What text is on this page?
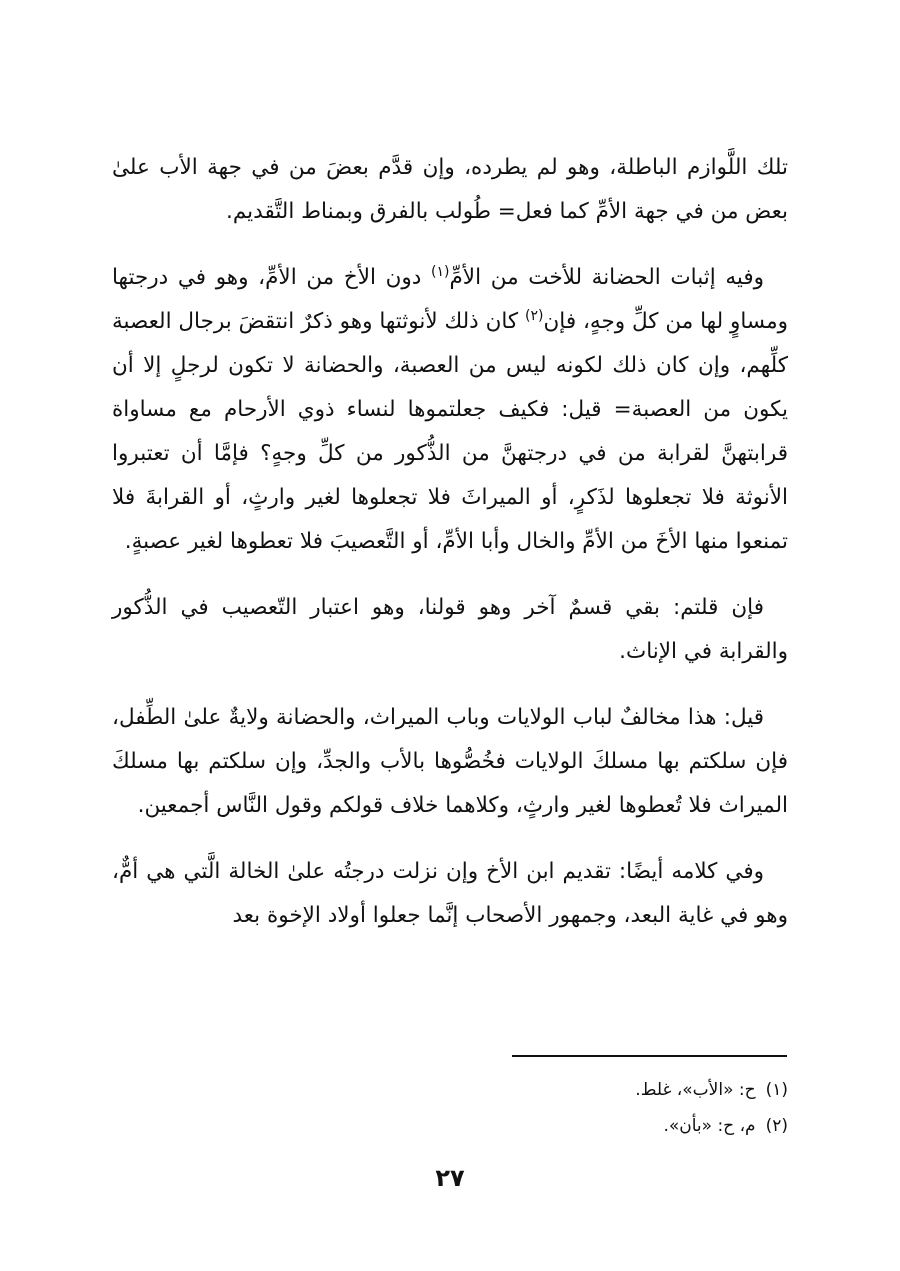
تلك اللَّوازم الباطلة، وهو لم يطرده، وإن قدَّم بعضَ من في جهة الأب علىٰ بعض من في جهة الأمِّ كما فعل= طُولب بالفرق وبمناط التَّقديم.

وفيه إثبات الحضانة للأخت من الأمِّ$^{(١)}$ دون الأخ من الأمِّ، وهو في درجتها ومساوٍ لها من كلِّ وجهٍ، فإن$^{(٢)}$ كان ذلك لأنوثتها وهو ذكرٌ انتقضَ برجال العصبة كلِّهم، وإن كان ذلك لكونه ليس من العصبة، والحضانة لا تكون لرجلٍ إلا أن يكون من العصبة= قيل: فكيف جعلتموها لنساء ذوي الأرحام مع مساواة قرابتهنَّ لقرابة من في درجتهنَّ من الذُّكور من كلِّ وجهٍ؟ فإمَّا أن تعتبروا الأنوثة فلا تجعلوها لذَكرٍ، أو الميراثَ فلا تجعلوها لغير وارثٍ، أو القرابةَ فلا تمنعوا منها الأخَ من الأمِّ والخال وأبا الأمِّ، أو التَّعصيبَ فلا تعطوها لغير عصبةٍ.

فإن قلتم: بقي قسمٌ آخر وهو قولنا، وهو اعتبار التّعصيب في الذُّكور والقرابة في الإناث.

قيل: هذا مخالفٌ لباب الولايات وباب الميراث، والحضانة ولايةٌ علىٰ الطِّفل، فإن سلكتم بها مسلكَ الولايات فخُصُّوها بالأب والجدِّ، وإن سلكتم بها مسلكَ الميراث فلا تُعطوها لغير وارثٍ، وكلاهما خلاف قولكم وقول النَّاس أجمعين.

وفي كلامه أيضًا: تقديم ابن الأخ وإن نزلت درجتُه علىٰ الخالة الَّتي هي أمٌّ، وهو في غاية البعد، وجمهور الأصحاب إنَّما جعلوا أولاد الإخوة بعد

(١)ح: «الأب»، غلط.

(٢)م، ح: «بأن».

٢٧
